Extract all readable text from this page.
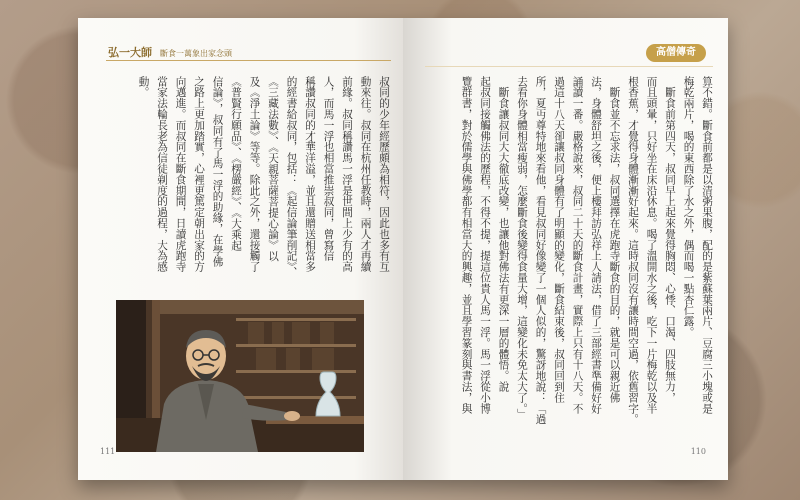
弘一大師 斷食一萬象出家念頭
叔同的少年經歷頗為相符，因此也多有互
動來往。叔同在杭州任教時，兩人才再續
前緣。叔同稱讚馬一浮是世間上少有的高
人，而馬一浮也相當推崇叔同，曾寫信
稱讚叔同的才華洋溢，並且還贈送相當多
的經書給叔同，包括：《起信論筆削記》、
《三藏法數》、《天親菩薩菩提心論》以
及《淨土論》等等。除此之外，還接觸了
《普賢行願品》、《楞嚴經》、《大乘起
信論》，叔同有了馬一浮的助緣，在學佛
之路上更加踏實，心裡更篤定朝出家的方
向邁進。而叔同在斷食期間，日讀虎跑寺
當家法輪長老為信徒剃度的過程，大為感
動。
111
高僧傳奇
算不錯。斷食前都是以清粥果腹，配的是紫蘇葉兩片、豆腐三小塊或是
梅乾兩片，喝的東西除了水之外，偶而喝一點杏仁露。
　斷食前第四天，叔同早上起來覺得胸悶、心悸、口渴、四肢無力，
而且頭暈，只好坐在床沿休息。喝了溫開水之後，吃下一片梅乾以及半
根香蕉，才覺得身體漸漸好起來。這時叔同沒有讓時間空過，依舊習字。
　斷食並不忘求法，叔同選擇在虎跑寺斷食的目的，就是可以親近佛
法，身體舒坦之後，便上樓拜訪弘祥上人請法，借了三部經書準備好好
誦讀一番。嚴格說來，叔同二十天的斷食計畫，實際上只有十八天。不
過這十八天卻讓叔同身體有了明顯的變化，斷食結束後，叔同回到住
所，夏丏尊特地來看他，看見叔同好像變了一個人似的，驚訝地說：「過
去看你身體相當瘦弱，怎麼斷食後變得食量大增，這變化未免太大了。」
　斷食讓叔同大大徹底改變，也讓他對佛法有更深一層的體悟。說
起叔同接觸佛法的歷程，不得不提，提這位貴人馬一浮。馬一浮從小博
覽群書，對於儒學與佛學都有相當大的興趣，並且學習篆刻與書法，與
110
